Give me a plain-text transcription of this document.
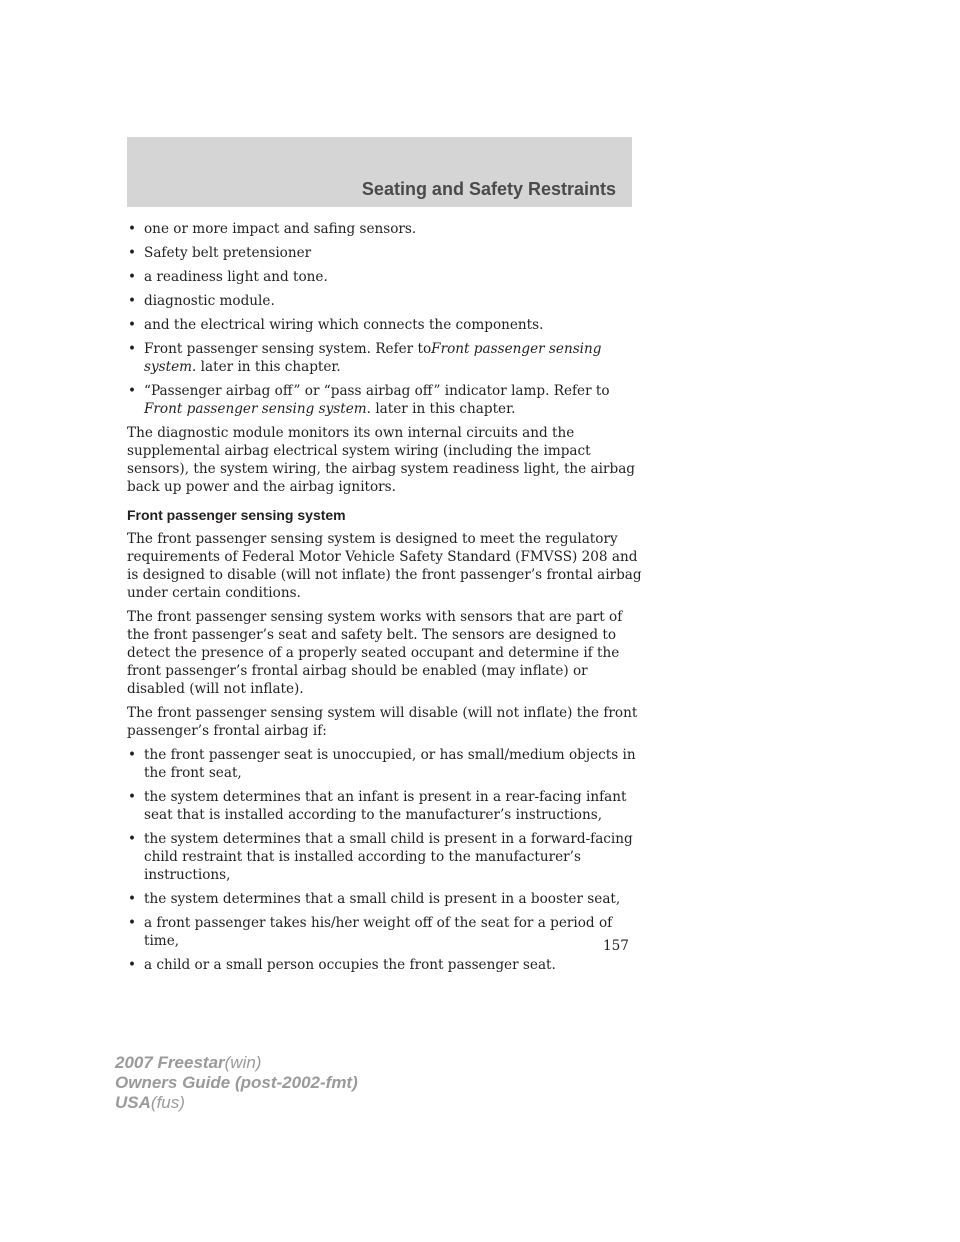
Seating and Safety Restraints
• one or more impact and safing sensors.
• Safety belt pretensioner
• a readiness light and tone.
• diagnostic module.
• and the electrical wiring which connects the components.
• Front passenger sensing system. Refer toFront passenger sensing system. later in this chapter.
• “Passenger airbag off” or “pass airbag off” indicator lamp. Refer to Front passenger sensing system. later in this chapter.

The diagnostic module monitors its own internal circuits and the supplemental airbag electrical system wiring (including the impact sensors), the system wiring, the airbag system readiness light, the airbag back up power and the airbag ignitors.

Front passenger sensing system

The front passenger sensing system is designed to meet the regulatory requirements of Federal Motor Vehicle Safety Standard (FMVSS) 208 and is designed to disable (will not inflate) the front passenger’s frontal airbag under certain conditions.

The front passenger sensing system works with sensors that are part of the front passenger’s seat and safety belt. The sensors are designed to detect the presence of a properly seated occupant and determine if the front passenger’s frontal airbag should be enabled (may inflate) or disabled (will not inflate).

The front passenger sensing system will disable (will not inflate) the front passenger’s frontal airbag if:

• the front passenger seat is unoccupied, or has small/medium objects in the front seat,
• the system determines that an infant is present in a rear-facing infant seat that is installed according to the manufacturer’s instructions,
• the system determines that a small child is present in a forward-facing child restraint that is installed according to the manufacturer’s instructions,
• the system determines that a small child is present in a booster seat,
• a front passenger takes his/her weight off of the seat for a period of time,
• a child or a small person occupies the front passenger seat.
157
2007 Freestar(win)
Owners Guide (post-2002-fmt)
USA(fus)
